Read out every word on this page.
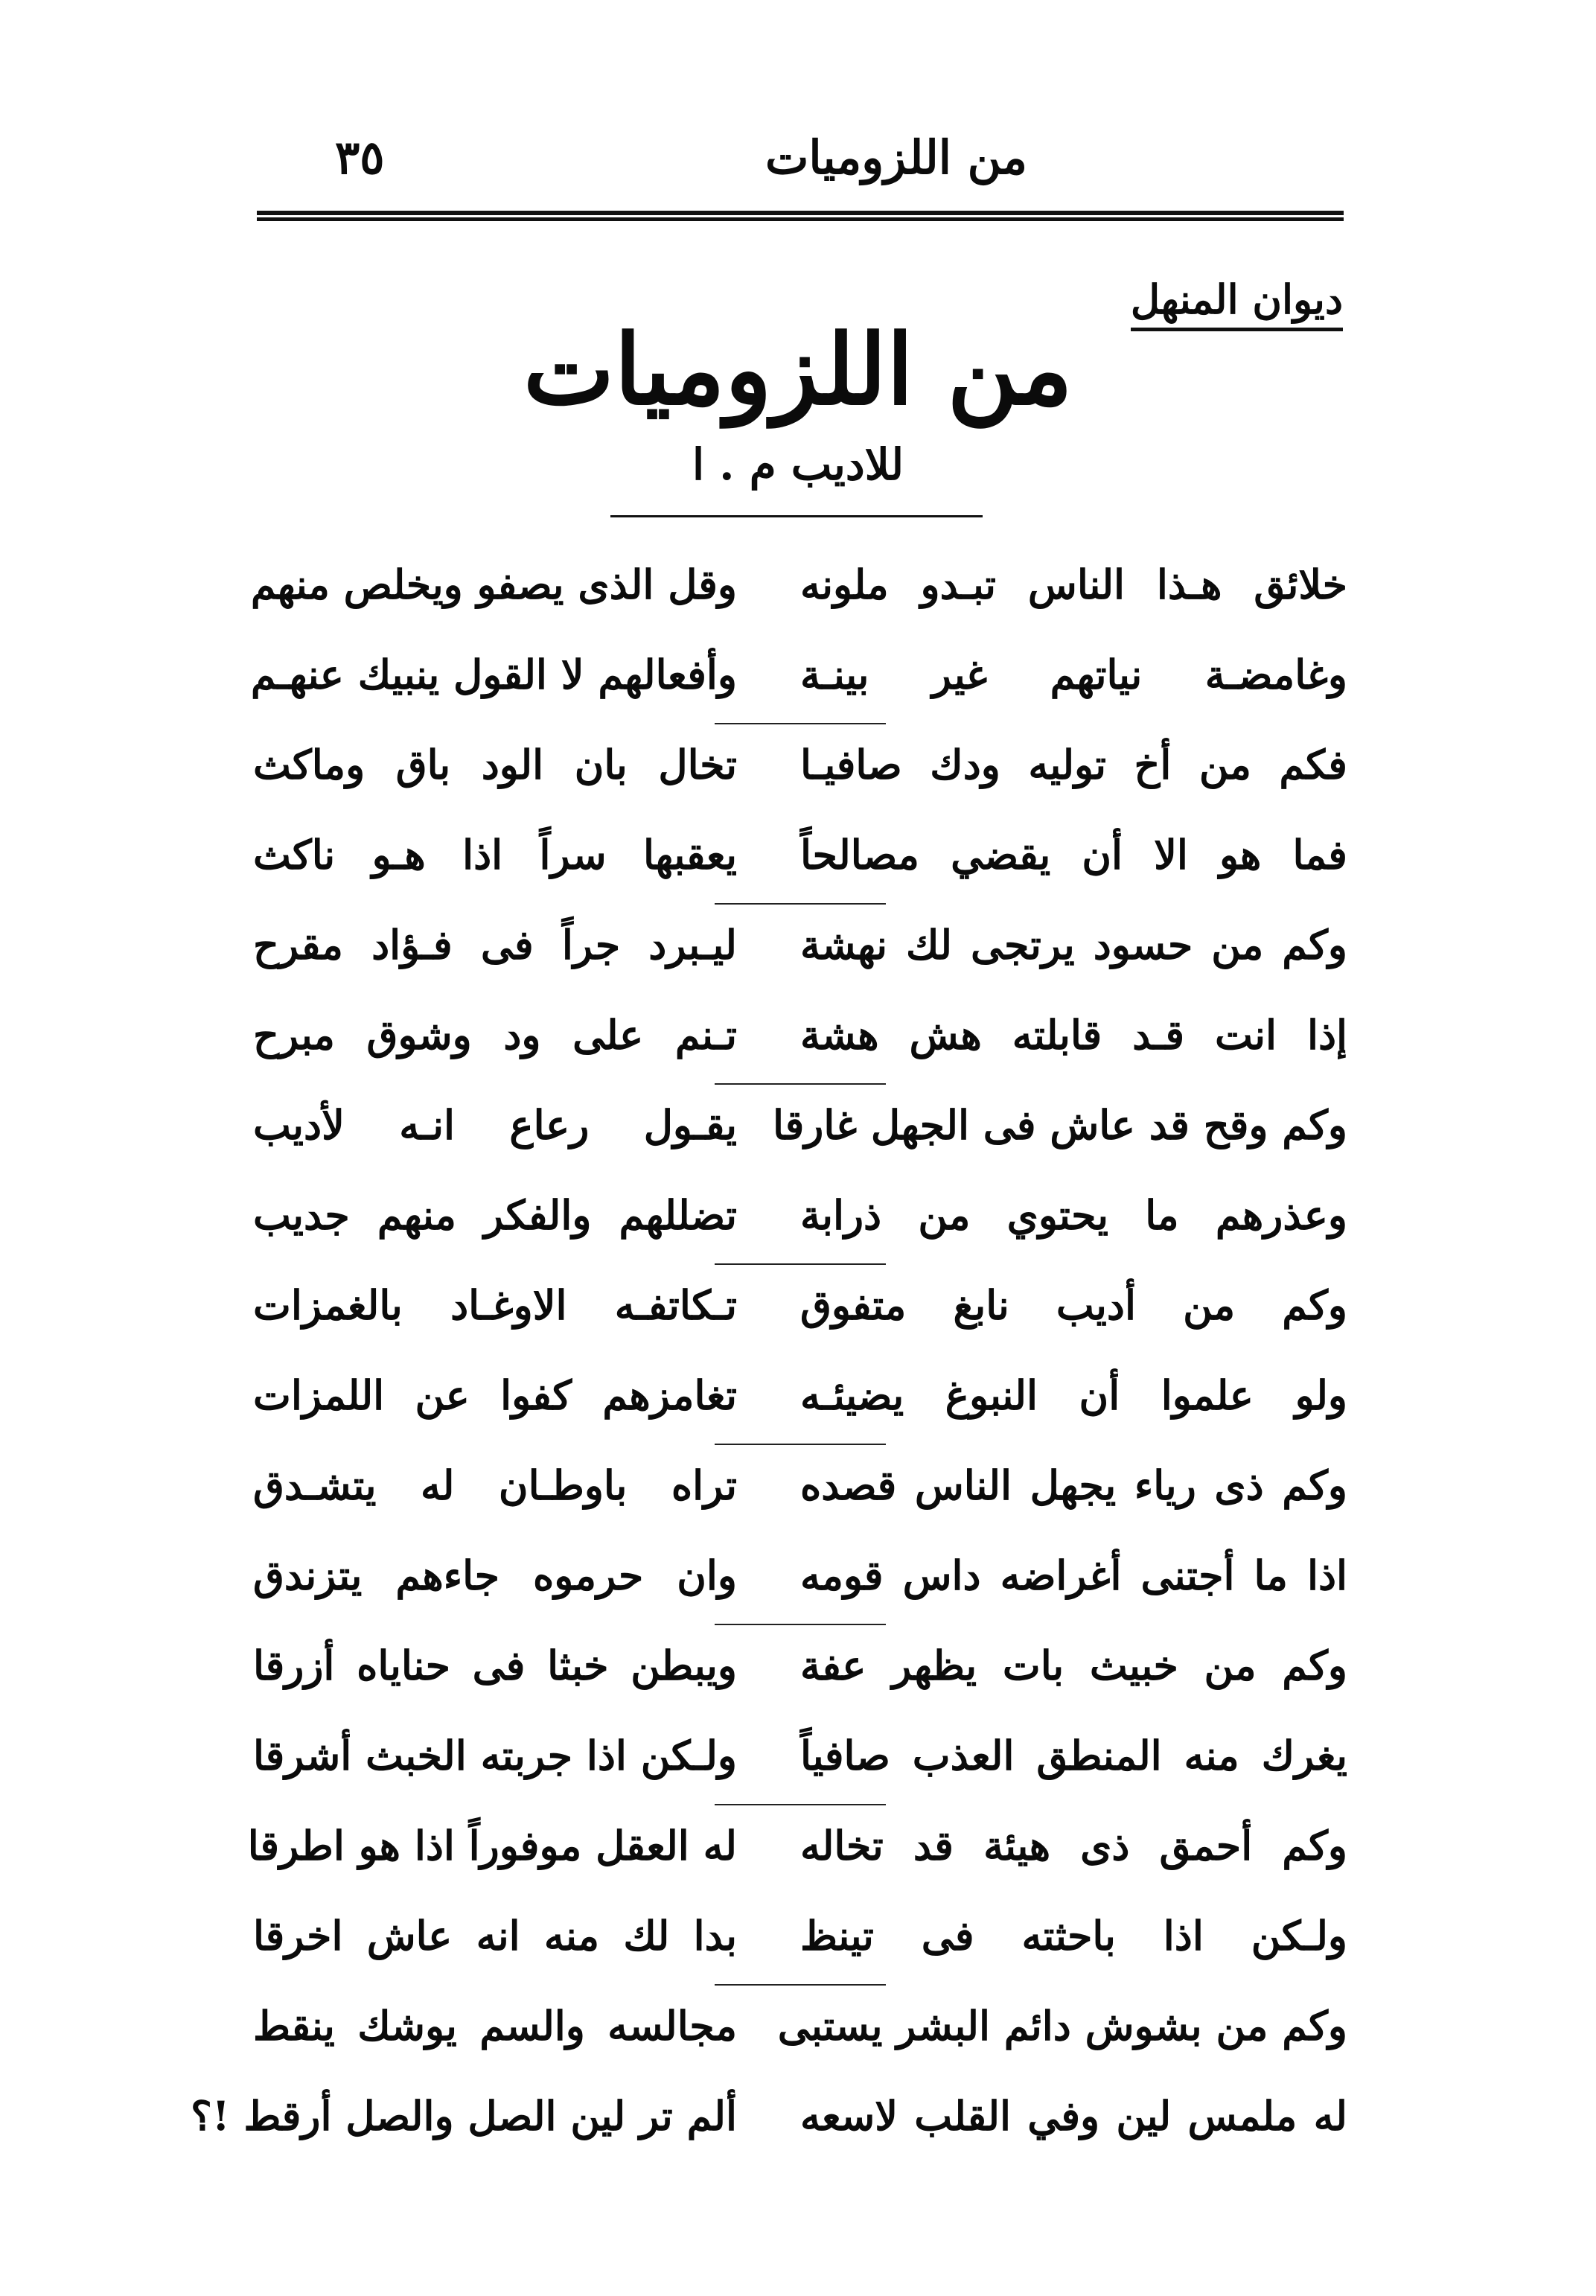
من اللزوميات
٣٥
ديوان المنهل
من اللزوميات
للاديب م . ا
خلائق هـذا الناس تبـدو ملونه
وقل الذى يصفو ويخلص منهم
وغامضـة نياتهم غير بينـة
وأفعالهم لا القول ينبيك عنهـم
فكم من أخ توليه ودك صافيـا
تخال بان الود باق وماكث
فما هو الا أن يقضي مصالحاً
يعقبها سراً اذا هـو ناكث
وكم من حسود يرتجى لك نهشة
ليـبرد جراً فى فـؤاد مقرح
إذا انت قـد قابلته هش هشة
تـنم على ود وشوق مبرح
وكم وقح قد عاش فى الجهل غارقا
يقـول رعاع انـه لأديب
وعذرهم ما يحتوي من ذرابة
تضللهم والفكر منهم جديب
وكم من أديب نابغ متفوق
تـكاتفـه الاوغـاد بالغمزات
ولو علموا أن النبوغ يضيئـه
تغامزهم كفوا عن اللمزات
وكم ذى رياء يجهل الناس قصده
تراه باوطـان له يتشـدق
اذا ما أجتنى أغراضه داس قومه
وان حرموه جاءهم يتزندق
وكم من خبيث بات يظهر عفة
ويبطن خبثا فى حناياه أزرقا
يغرك منه المنطق العذب صافياً
ولـكن اذا جربته الخبث أشرقا
وكم أحمق ذى هيئة قد تخاله
له العقل موفوراً اذا هو اطرقا
ولـكن اذا باحثته فى تينظ
بدا لك منه انه عاش اخرقا
وكم من بشوش دائم البشر يستبى
مجالسه والسم يوشك ينقط
له ملمس لين وفي القلب لاسعه
ألم تر لين الصل والصل أرقط !؟
